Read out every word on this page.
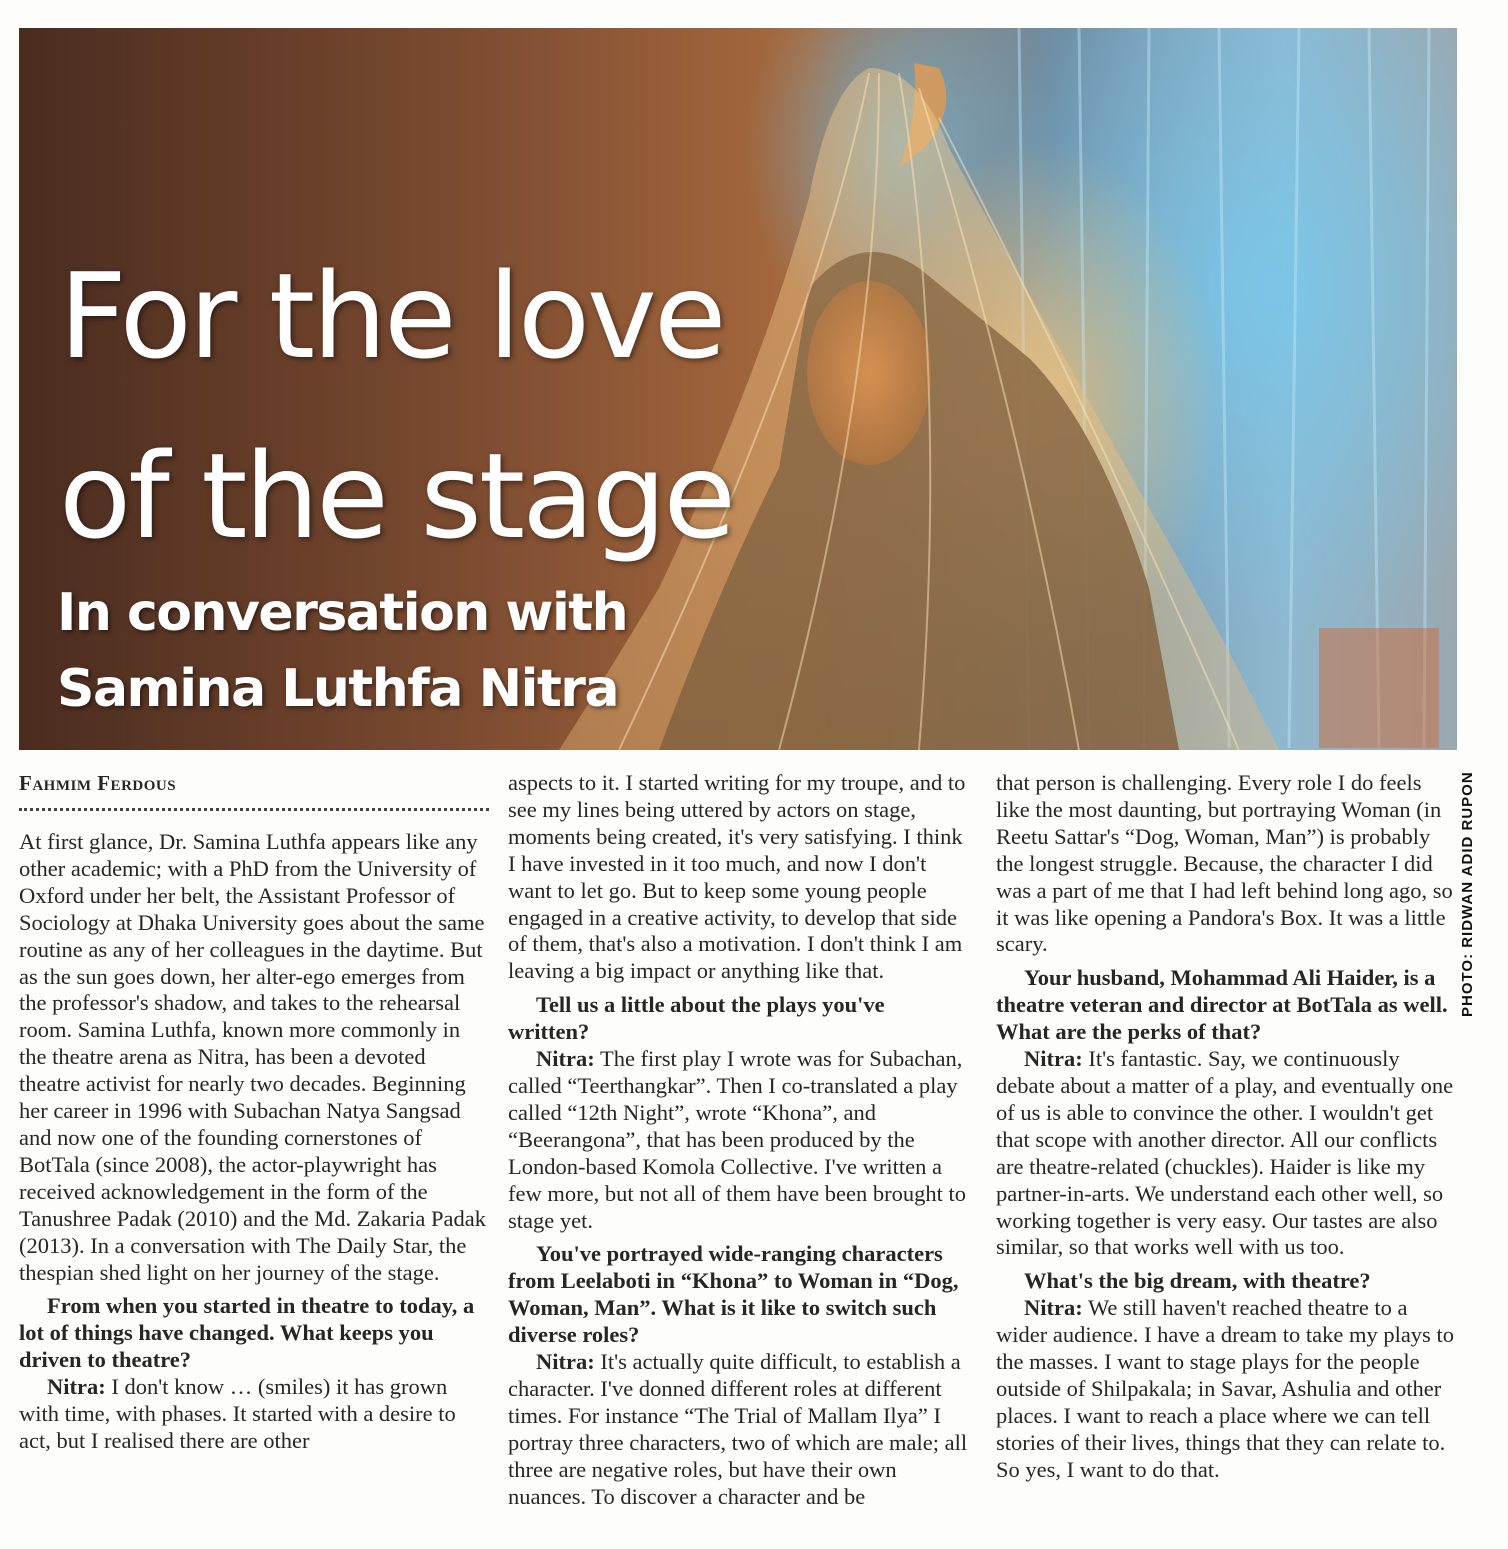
For the love
of the stage
In conversation with
Samina Luthfa Nitra
PHOTO: RIDWAN ADID RUPON

Fahmim Ferdous

At first glance, Dr. Samina Luthfa appears like any other academic; with a PhD from the University of Oxford under her belt, the Assistant Professor of Sociology at Dhaka University goes about the same routine as any of her colleagues in the daytime. But as the sun goes down, her alter-ego emerges from the professor's shadow, and takes to the rehearsal room. Samina Luthfa, known more commonly in the theatre arena as Nitra, has been a devoted theatre activist for nearly two decades. Beginning her career in 1996 with Subachan Natya Sangsad and now one of the founding cornerstones of BotTala (since 2008), the actor-playwright has received acknowledgement in the form of the Tanushree Padak (2010) and the Md. Zakaria Padak (2013). In a conversation with The Daily Star, the thespian shed light on her journey of the stage.

From when you started in theatre to today, a lot of things have changed. What keeps you driven to theatre?

Nitra: I don't know … (smiles) it has grown with time, with phases. It started with a desire to act, but I realised there are other

aspects to it. I started writing for my troupe, and to see my lines being uttered by actors on stage, moments being created, it's very satisfying. I think I have invested in it too much, and now I don't want to let go. But to keep some young people engaged in a creative activity, to develop that side of them, that's also a motivation. I don't think I am leaving a big impact or anything like that.

Tell us a little about the plays you've written?

Nitra: The first play I wrote was for Subachan, called “Teerthangkar”. Then I co-translated a play called “12th Night”, wrote “Khona”, and “Beerangona”, that has been produced by the London-based Komola Collective. I've written a few more, but not all of them have been brought to stage yet.

You've portrayed wide-ranging characters from Leelaboti in “Khona” to Woman in “Dog, Woman, Man”. What is it like to switch such diverse roles?

Nitra: It's actually quite difficult, to establish a character. I've donned different roles at different times. For instance “The Trial of Mallam Ilya” I portray three characters, two of which are male; all three are negative roles, but have their own nuances. To discover a character and be

that person is challenging. Every role I do feels like the most daunting, but portraying Woman (in Reetu Sattar's “Dog, Woman, Man”) is probably the longest struggle. Because, the character I did was a part of me that I had left behind long ago, so it was like opening a Pandora's Box. It was a little scary.

Your husband, Mohammad Ali Haider, is a theatre veteran and director at BotTala as well. What are the perks of that?

Nitra: It's fantastic. Say, we continuously debate about a matter of a play, and eventually one of us is able to convince the other. I wouldn't get that scope with another director. All our conflicts are theatre-related (chuckles). Haider is like my partner-in-arts. We understand each other well, so working together is very easy. Our tastes are also similar, so that works well with us too.

What's the big dream, with theatre?

Nitra: We still haven't reached theatre to a wider audience. I have a dream to take my plays to the masses. I want to stage plays for the people outside of Shilpakala; in Savar, Ashulia and other places. I want to reach a place where we can tell stories of their lives, things that they can relate to. So yes, I want to do that.
